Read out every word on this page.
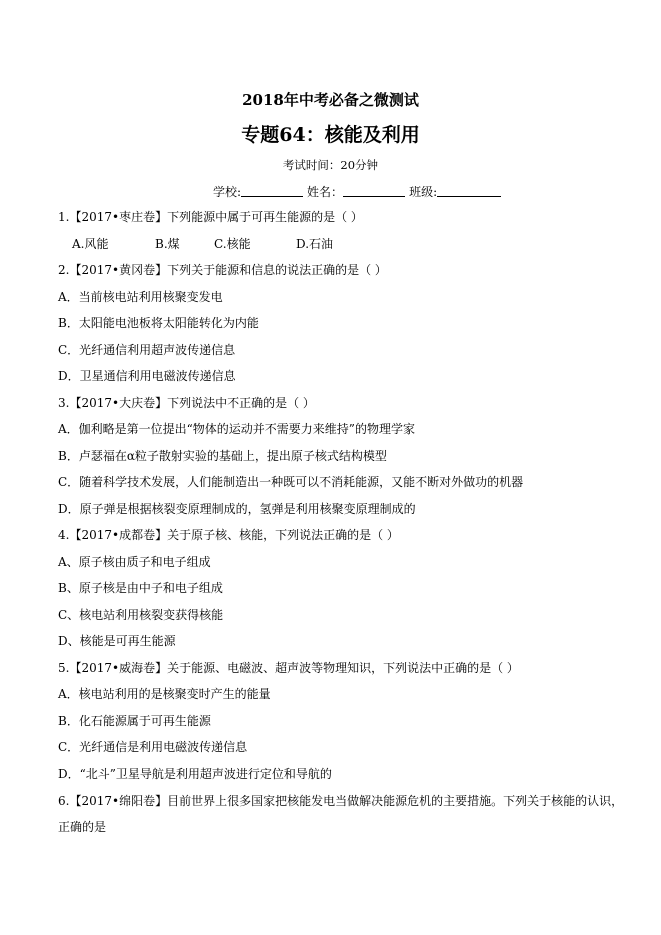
2018年中考必备之微测试
专题64：核能及利用
考试时间：20分钟
学校:	姓名：	班级:
1.【2017•枣庄卷】下列能源中属于可再生能源的是（ ）
A.风能	B.煤	C.核能	D.石油
2.【2017•黄冈卷】下列关于能源和信息的说法正确的是（ ）
A．当前核电站利用核聚变发电
B．太阳能电池板将太阳能转化为内能
C．光纤通信利用超声波传递信息
D．卫星通信利用电磁波传递信息
3.【2017•大庆卷】下列说法中不正确的是（ ）
A．伽利略是第一位提出“物体的运动并不需要力来维持”的物理学家
B．卢瑟福在α粒子散射实验的基础上，提出原子核式结构模型
C．随着科学技术发展，人们能制造出一种既可以不消耗能源，又能不断对外做功的机器
D．原子弹是根据核裂变原理制成的，氢弹是利用核聚变原理制成的
4.【2017•成都卷】关于原子核、核能，下列说法正确的是（ ）
A、原子核由质子和电子组成
B、原子核是由中子和电子组成
C、核电站利用核裂变获得核能
D、核能是可再生能源
5.【2017•威海卷】关于能源、电磁波、超声波等物理知识，下列说法中正确的是（ ）
A．核电站利用的是核聚变时产生的能量
B．化石能源属于可再生能源
C．光纤通信是利用电磁波传递信息
D．“北斗”卫星导航是利用超声波进行定位和导航的
6.【2017•绵阳卷】目前世界上很多国家把核能发电当做解决能源危机的主要措施。下列关于核能的认识，
正确的是
